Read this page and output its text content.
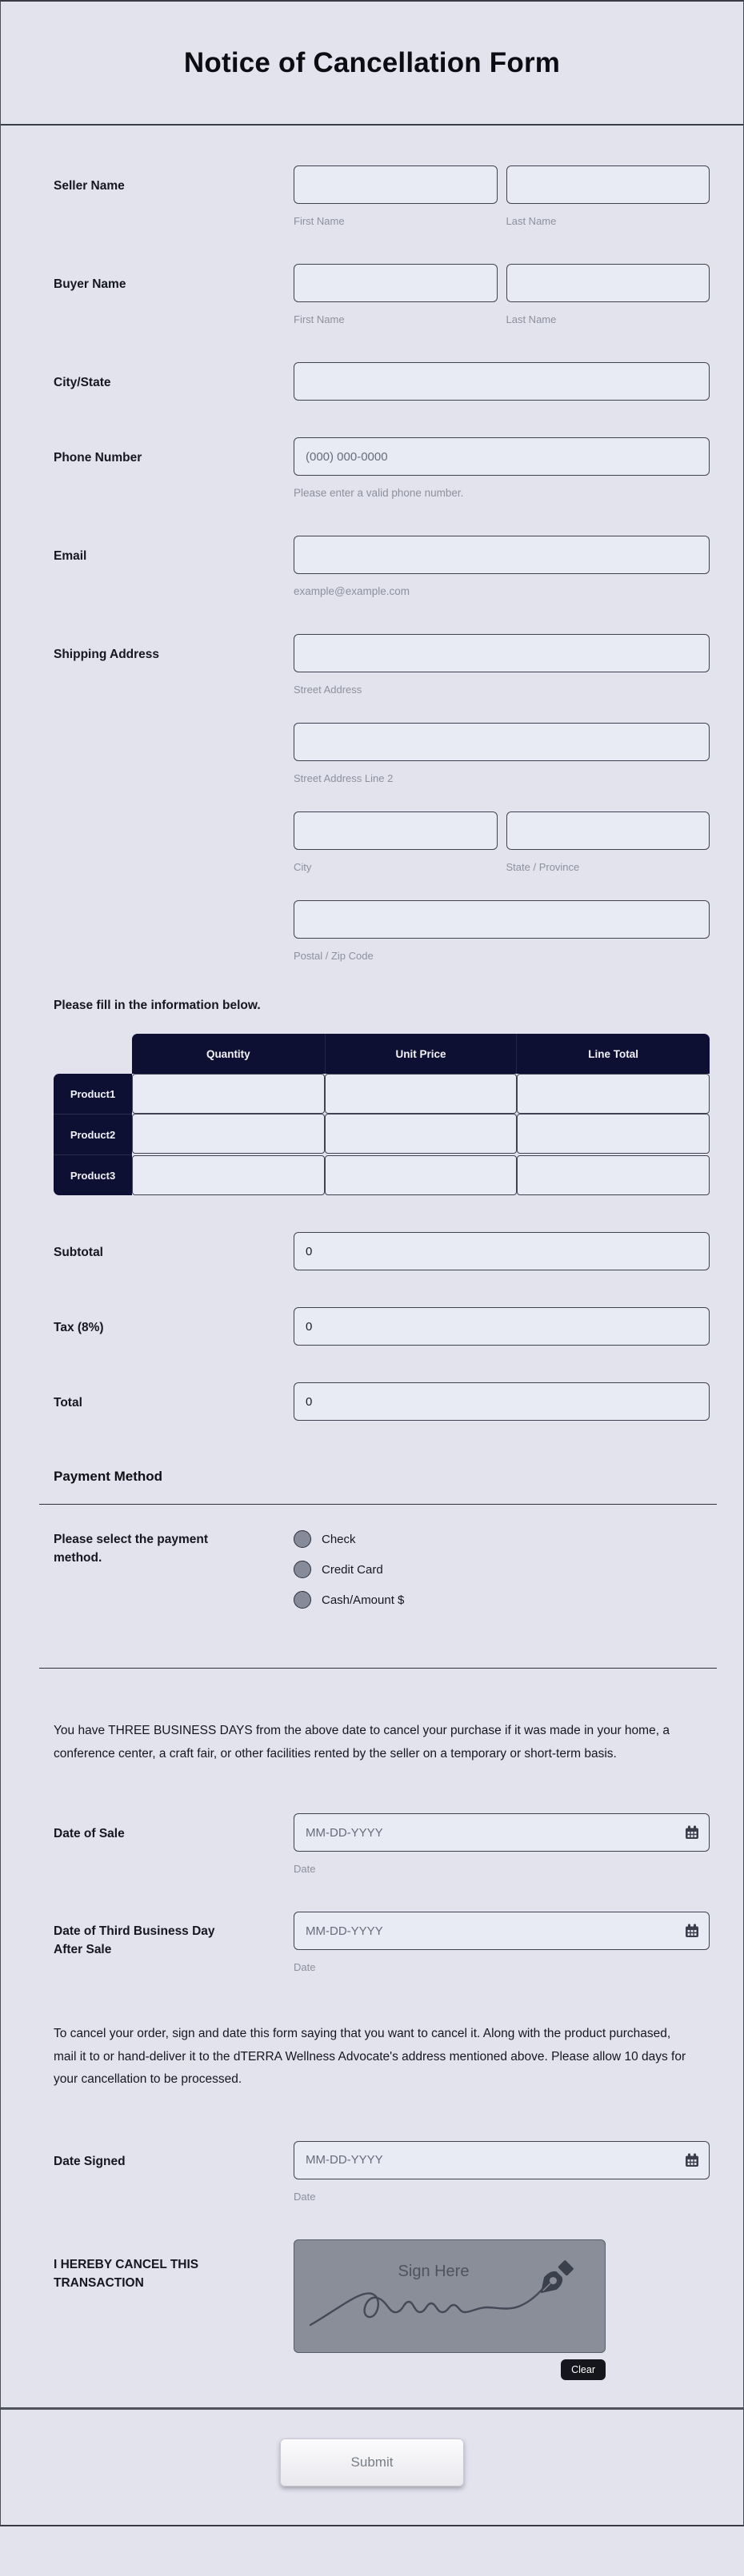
Notice of Cancellation Form
Seller Name
First Name	Last Name
Buyer Name
First Name	Last Name
City/State
Phone Number
(000) 000-0000
Please enter a valid phone number.
Email
example@example.com
Shipping Address
Street Address
Street Address Line 2
City	State / Province
Postal / Zip Code
Please fill in the information below.
Quantity	Unit Price	Line Total
Product1
Product2
Product3
Subtotal
0
Tax (8%)
0
Total
0
Payment Method
Please select the payment method.
Check
Credit Card
Cash/Amount $
You have THREE BUSINESS DAYS from the above date to cancel your purchase if it was made in your home, a conference center, a craft fair, or other facilities rented by the seller on a temporary or short-term basis.
Date of Sale
MM-DD-YYYY
Date
Date of Third Business Day After Sale
MM-DD-YYYY
Date
To cancel your order, sign and date this form saying that you want to cancel it. Along with the product purchased, mail it to or hand-deliver it to the dTERRA Wellness Advocate's address mentioned above. Please allow 10 days for your cancellation to be processed.
Date Signed
MM-DD-YYYY
Date
I HEREBY CANCEL THIS TRANSACTION
Sign Here
Clear
Submit
